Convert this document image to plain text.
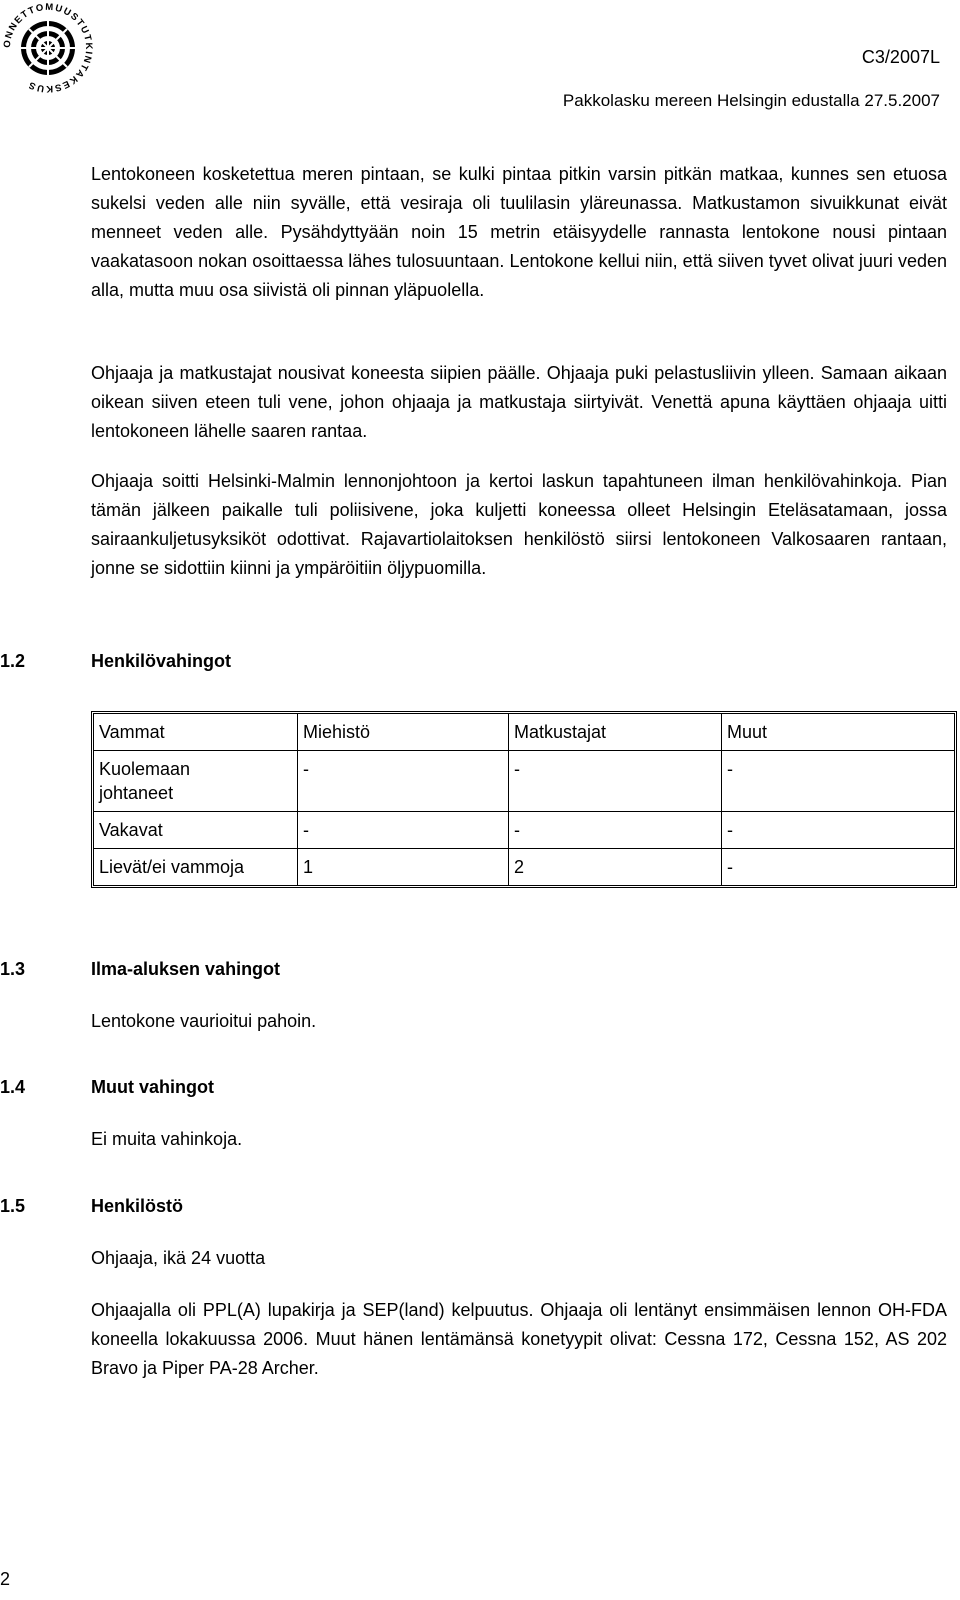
ONNETTOMUUSTUTKINTAKESKUS
C3/2007L
Pakkolasku mereen Helsingin edustalla 27.5.2007

Lentokoneen kosketettua meren pintaan, se kulki pintaa pitkin varsin pitkän matkaa, kunnes sen etuosa sukelsi veden alle niin syvälle, että vesiraja oli tuulilasin yläreunassa. Matkustamon sivuikkunat eivät menneet veden alle. Pysähdyttyään noin 15 metrin etäisyydelle rannasta lentokone nousi pintaan vaakatasoon nokan osoittaessa lähes tulosuuntaan. Lentokone kellui niin, että siiven tyvet olivat juuri veden alla, mutta muu osa siivistä oli pinnan yläpuolella.

Ohjaaja ja matkustajat nousivat koneesta siipien päälle. Ohjaaja puki pelastusliivin ylleen. Samaan aikaan oikean siiven eteen tuli vene, johon ohjaaja ja matkustaja siirtyivät. Venettä apuna käyttäen ohjaaja uitti lentokoneen lähelle saaren rantaa.

Ohjaaja soitti Helsinki-Malmin lennonjohtoon ja kertoi laskun tapahtuneen ilman henkilövahinkoja. Pian tämän jälkeen paikalle tuli poliisivene, joka kuljetti koneessa olleet Helsingin Eteläsatamaan, jossa sairaankuljetusyksiköt odottivat. Rajavartiolaitoksen henkilöstö siirsi lentokoneen Valkosaaren rantaan, jonne se sidottiin kiinni ja ympäröitiin öljypuomilla.

1.2	Henkilövahingot
Vammat	Miehistö	Matkustajat	Muut
Kuolemaan johtaneet	-	-	-
Vakavat	-	-	-
Lievät/ei vammoja	1	2	-
1.3	Ilma-aluksen vahingot
Lentokone vaurioitui pahoin.
1.4	Muut vahingot
Ei muita vahinkoja.
1.5	Henkilöstö
Ohjaaja, ikä 24 vuotta

Ohjaajalla oli PPL(A) lupakirja ja SEP(land) kelpuutus. Ohjaaja oli lentänyt ensimmäisen lennon OH-FDA koneella lokakuussa 2006. Muut hänen lentämänsä konetyypit olivat: Cessna 172, Cessna 152, AS 202 Bravo ja Piper PA-28 Archer.

2
